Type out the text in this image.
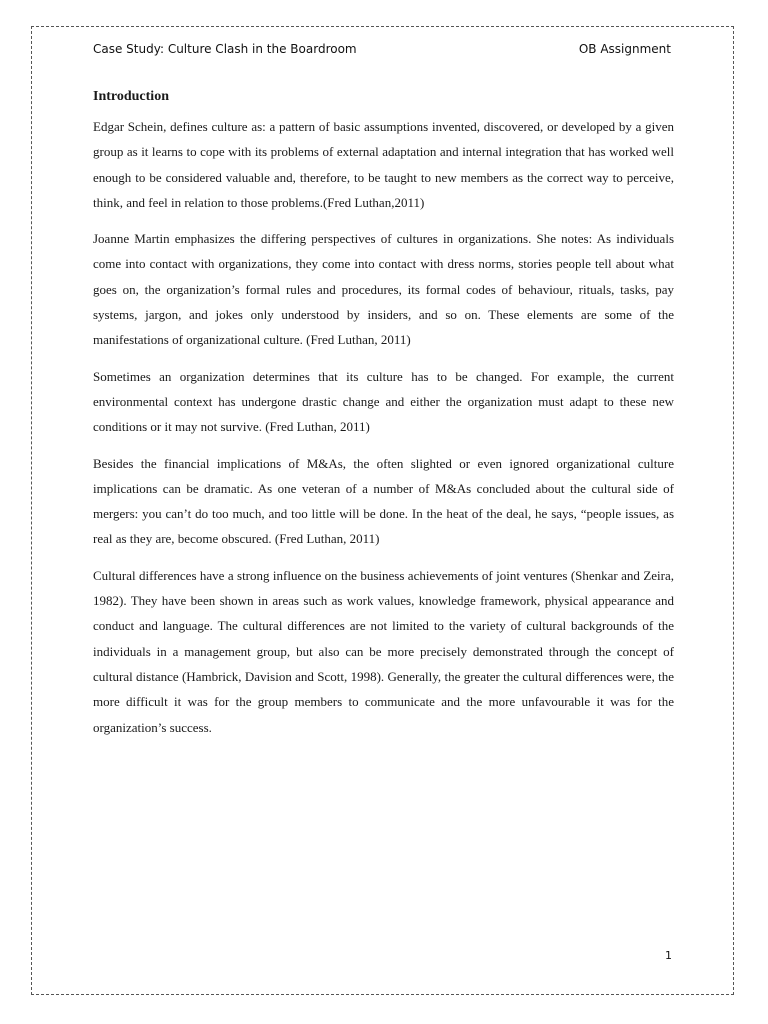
Case Study: Culture Clash in the Boardroom	OB Assignment
Introduction

Edgar Schein, defines culture as: a pattern of basic assumptions invented, discovered, or developed by a given group as it learns to cope with its problems of external adaptation and internal integration that has worked well enough to be considered valuable and, therefore, to be taught to new members as the correct way to perceive, think, and feel in relation to those problems.(Fred Luthan,2011)

Joanne Martin emphasizes the differing perspectives of cultures in organizations. She notes: As individuals come into contact with organizations, they come into contact with dress norms, stories people tell about what goes on, the organization’s formal rules and procedures, its formal codes of behaviour, rituals, tasks, pay systems, jargon, and jokes only understood by insiders, and so on. These elements are some of the manifestations of organizational culture. (Fred Luthan, 2011)

Sometimes an organization determines that its culture has to be changed. For example, the current environmental context has undergone drastic change and either the organization must adapt to these new conditions or it may not survive. (Fred Luthan, 2011)

Besides the financial implications of M&As, the often slighted or even ignored organizational culture implications can be dramatic. As one veteran of a number of M&As concluded about the cultural side of mergers: you can’t do too much, and too little will be done. In the heat of the deal, he says, “people issues, as real as they are, become obscured. (Fred Luthan, 2011)

Cultural differences have a strong influence on the business achievements of joint ventures (Shenkar and Zeira, 1982). They have been shown in areas such as work values, knowledge framework, physical appearance and conduct and language. The cultural differences are not limited to the variety of cultural backgrounds of the individuals in a management group, but also can be more precisely demonstrated through the concept of cultural distance (Hambrick, Davision and Scott, 1998). Generally, the greater the cultural differences were, the more difficult it was for the group members to communicate and the more unfavourable it was for the organization’s success.

1
